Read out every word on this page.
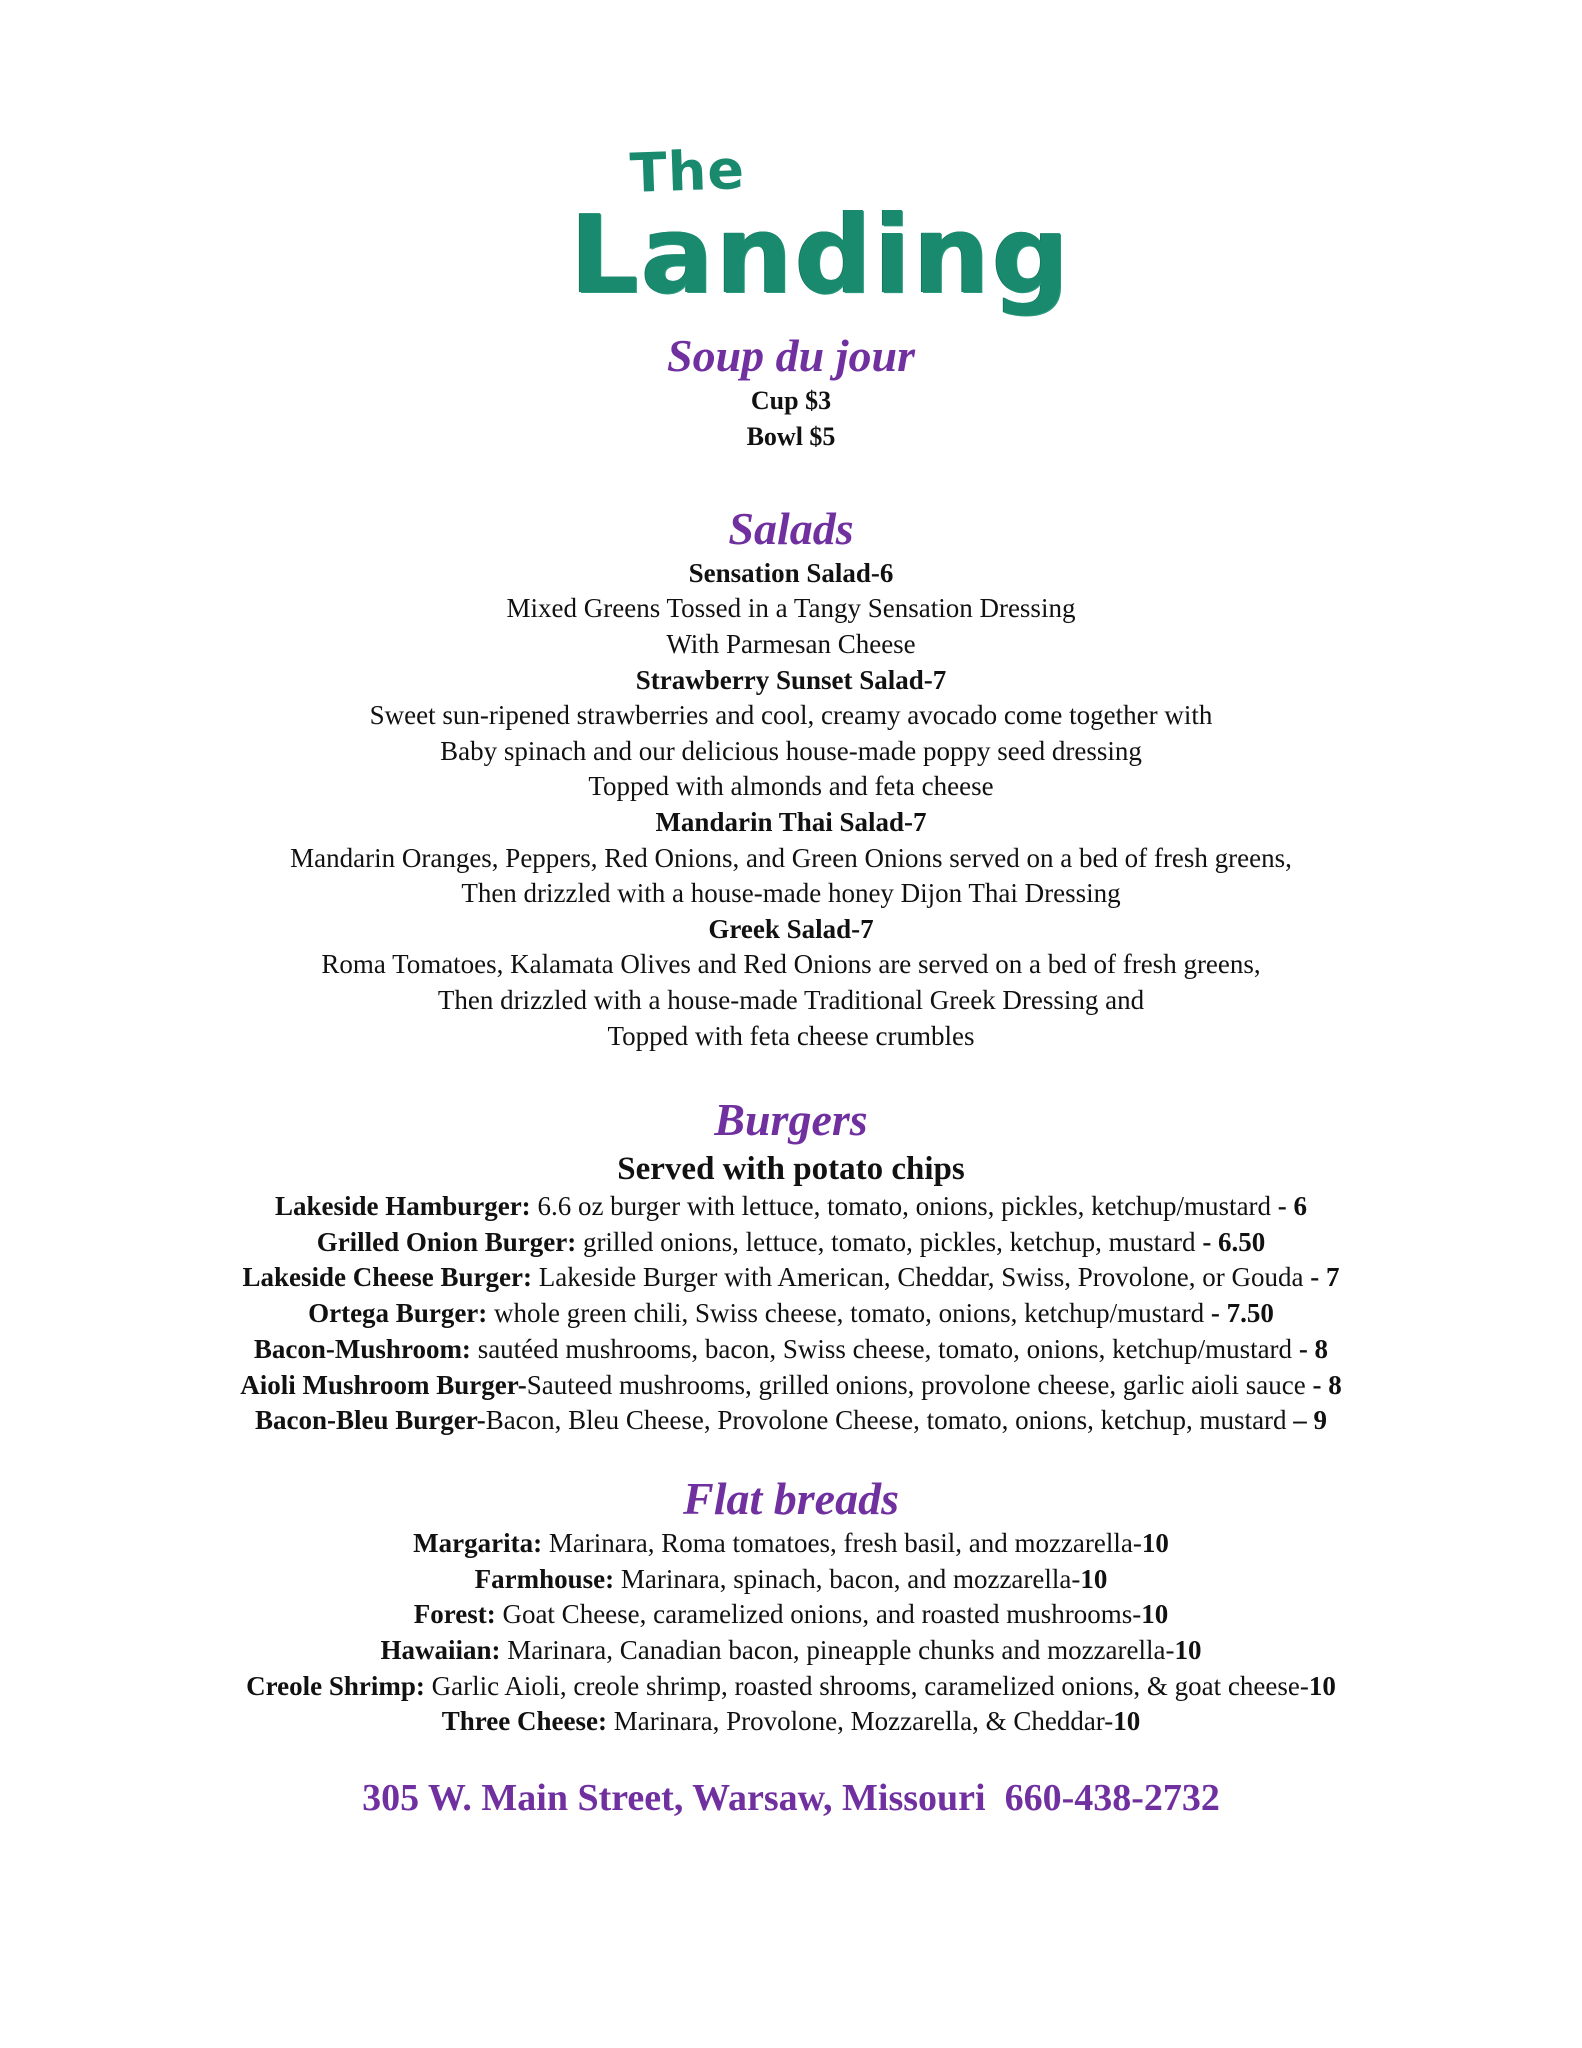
The
Landing
Soup du jour
Cup $3
Bowl $5
Salads
Sensation Salad-6
Mixed Greens Tossed in a Tangy Sensation Dressing
With Parmesan Cheese
Strawberry Sunset Salad-7
Sweet sun-ripened strawberries and cool, creamy avocado come together with
Baby spinach and our delicious house-made poppy seed dressing
Topped with almonds and feta cheese
Mandarin Thai Salad-7
Mandarin Oranges, Peppers, Red Onions, and Green Onions served on a bed of fresh greens,
Then drizzled with a house-made honey Dijon Thai Dressing
Greek Salad-7
Roma Tomatoes, Kalamata Olives and Red Onions are served on a bed of fresh greens,
Then drizzled with a house-made Traditional Greek Dressing and
Topped with feta cheese crumbles
Burgers
Served with potato chips
Lakeside Hamburger: 6.6 oz burger with lettuce, tomato, onions, pickles, ketchup/mustard - 6
Grilled Onion Burger: grilled onions, lettuce, tomato, pickles, ketchup, mustard - 6.50
Lakeside Cheese Burger: Lakeside Burger with American, Cheddar, Swiss, Provolone, or Gouda - 7
Ortega Burger: whole green chili, Swiss cheese, tomato, onions, ketchup/mustard - 7.50
Bacon-Mushroom: sautéed mushrooms, bacon, Swiss cheese, tomato, onions, ketchup/mustard - 8
Aioli Mushroom Burger-Sauteed mushrooms, grilled onions, provolone cheese, garlic aioli sauce - 8
Bacon-Bleu Burger-Bacon, Bleu Cheese, Provolone Cheese, tomato, onions, ketchup, mustard – 9
Flat breads
Margarita: Marinara, Roma tomatoes, fresh basil, and mozzarella-10
Farmhouse: Marinara, spinach, bacon, and mozzarella-10
Forest: Goat Cheese, caramelized onions, and roasted mushrooms-10
Hawaiian: Marinara, Canadian bacon, pineapple chunks and mozzarella-10
Creole Shrimp: Garlic Aioli, creole shrimp, roasted shrooms, caramelized onions, & goat cheese-10
Three Cheese: Marinara, Provolone, Mozzarella, & Cheddar-10
305 W. Main Street, Warsaw, Missouri  660-438-2732
